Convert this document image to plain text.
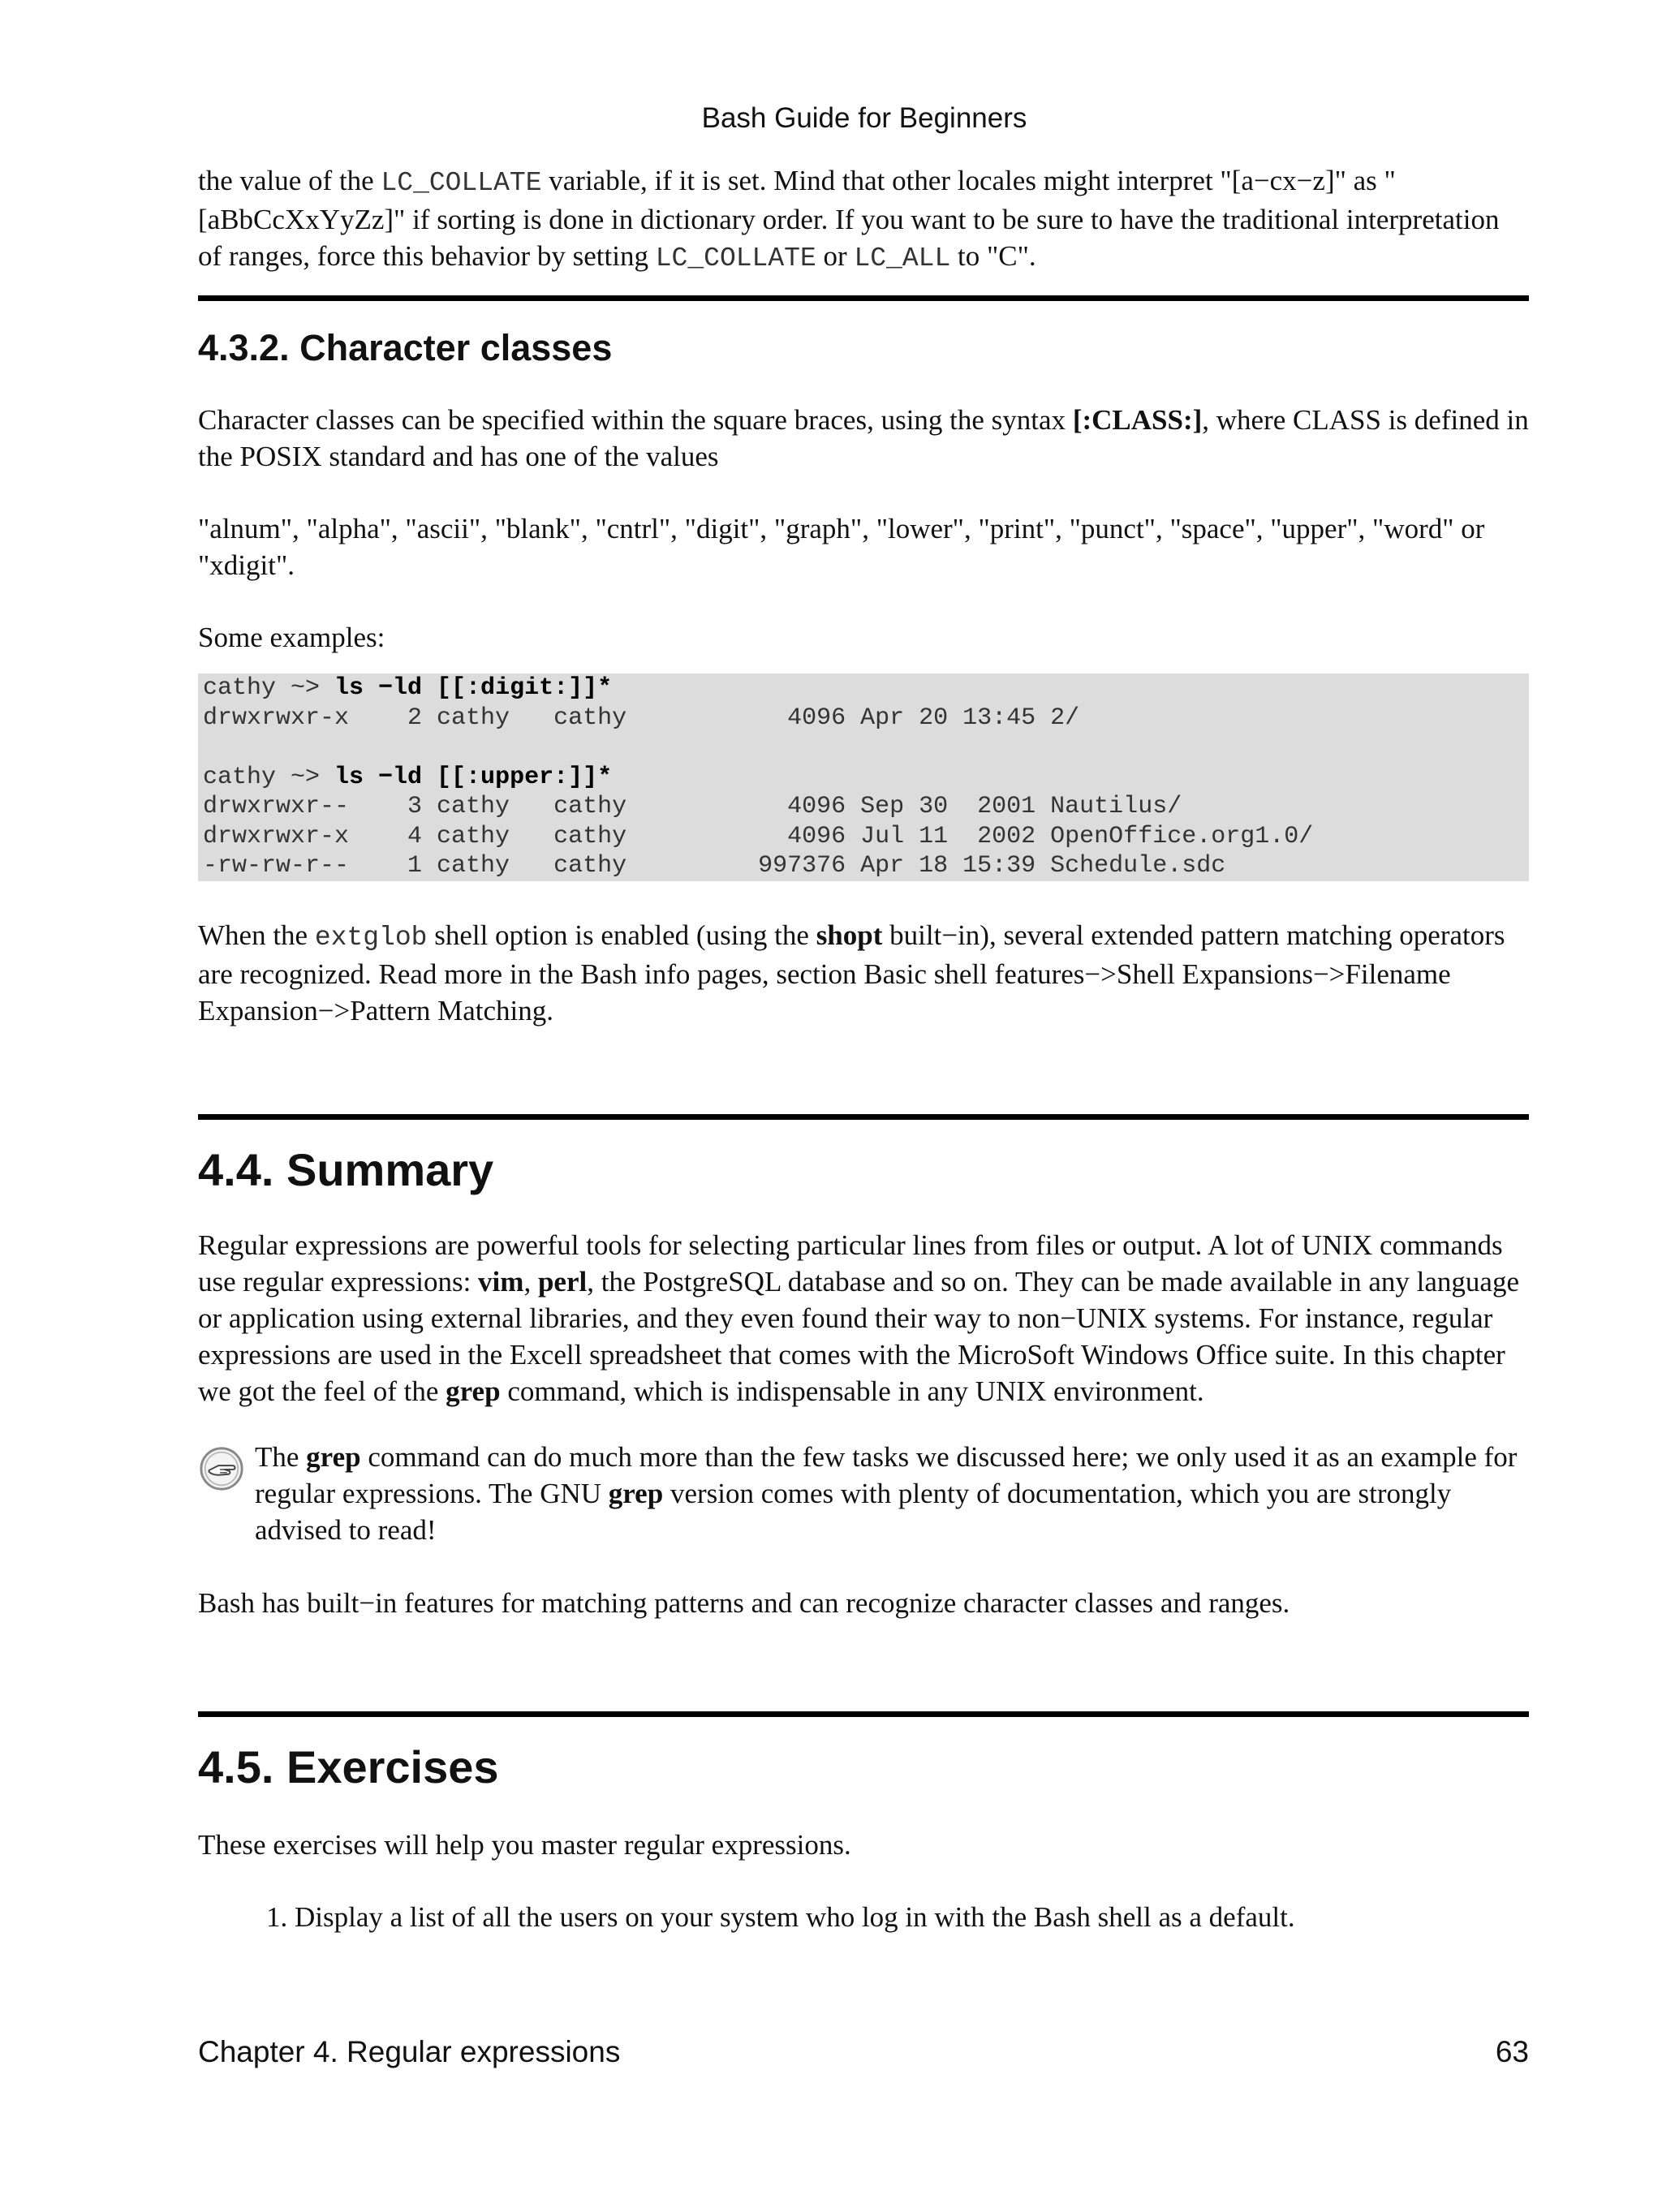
Bash Guide for Beginners

the value of the LC_COLLATE variable, if it is set. Mind that other locales might interpret "[a−cx−z]" as "[aBbCcXxYyZz]" if sorting is done in dictionary order. If you want to be sure to have the traditional interpretation of ranges, force this behavior by setting LC_COLLATE or LC_ALL to "C".

4.3.2. Character classes

Character classes can be specified within the square braces, using the syntax [:CLASS:], where CLASS is defined in the POSIX standard and has one of the values

"alnum", "alpha", "ascii", "blank", "cntrl", "digit", "graph", "lower", "print", "punct", "space", "upper", "word" or "xdigit".

Some examples:

cathy ~> ls −ld [[:digit:]]*
drwxrwxr-x    2 cathy   cathy           4096 Apr 20 13:45 2/
cathy ~> ls −ld [[:upper:]]*
drwxrwxr--    3 cathy   cathy           4096 Sep 30  2001 Nautilus/
drwxrwxr-x    4 cathy   cathy           4096 Jul 11  2002 OpenOffice.org1.0/
-rw-rw-r--    1 cathy   cathy         997376 Apr 18 15:39 Schedule.sdc

When the extglob shell option is enabled (using the shopt built−in), several extended pattern matching operators are recognized. Read more in the Bash info pages, section Basic shell features−>Shell Expansions−>Filename Expansion−>Pattern Matching.

4.4. Summary

Regular expressions are powerful tools for selecting particular lines from files or output. A lot of UNIX commands use regular expressions: vim, perl, the PostgreSQL database and so on. They can be made available in any language or application using external libraries, and they even found their way to non−UNIX systems. For instance, regular expressions are used in the Excell spreadsheet that comes with the MicroSoft Windows Office suite. In this chapter we got the feel of the grep command, which is indispensable in any UNIX environment.

The grep command can do much more than the few tasks we discussed here; we only used it as an example for regular expressions. The GNU grep version comes with plenty of documentation, which you are strongly advised to read!

Bash has built−in features for matching patterns and can recognize character classes and ranges.

4.5. Exercises

These exercises will help you master regular expressions.

1. Display a list of all the users on your system who log in with the Bash shell as a default.

Chapter 4. Regular expressions	63
